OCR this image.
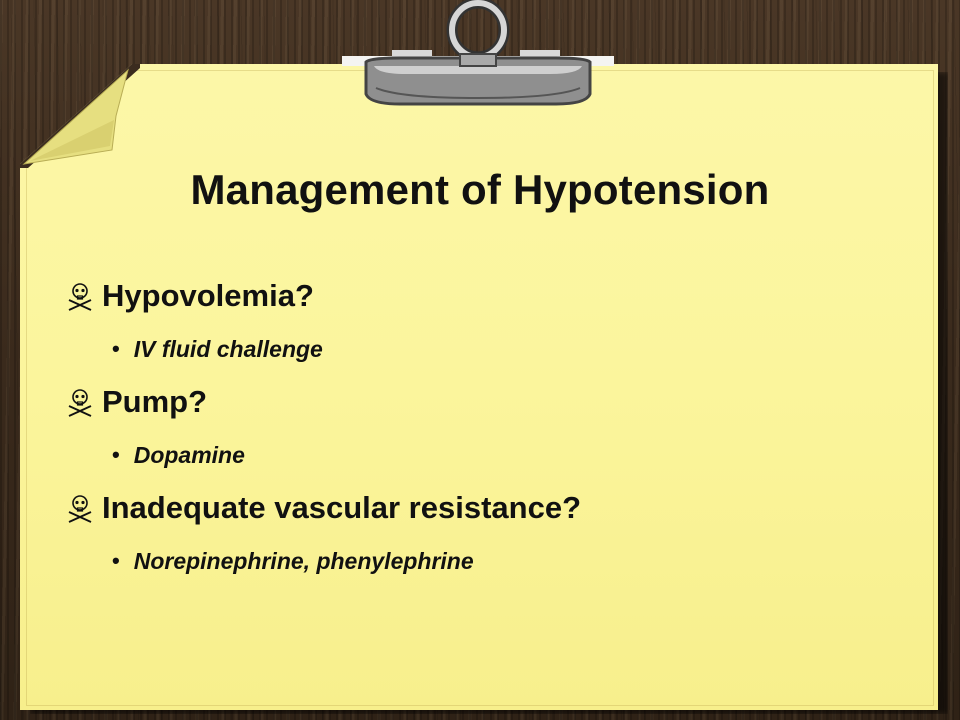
Management of Hypotension
Hypovolemia?
• IV fluid challenge
Pump?
• Dopamine
Inadequate vascular resistance?
• Norepinephrine, phenylephrine
